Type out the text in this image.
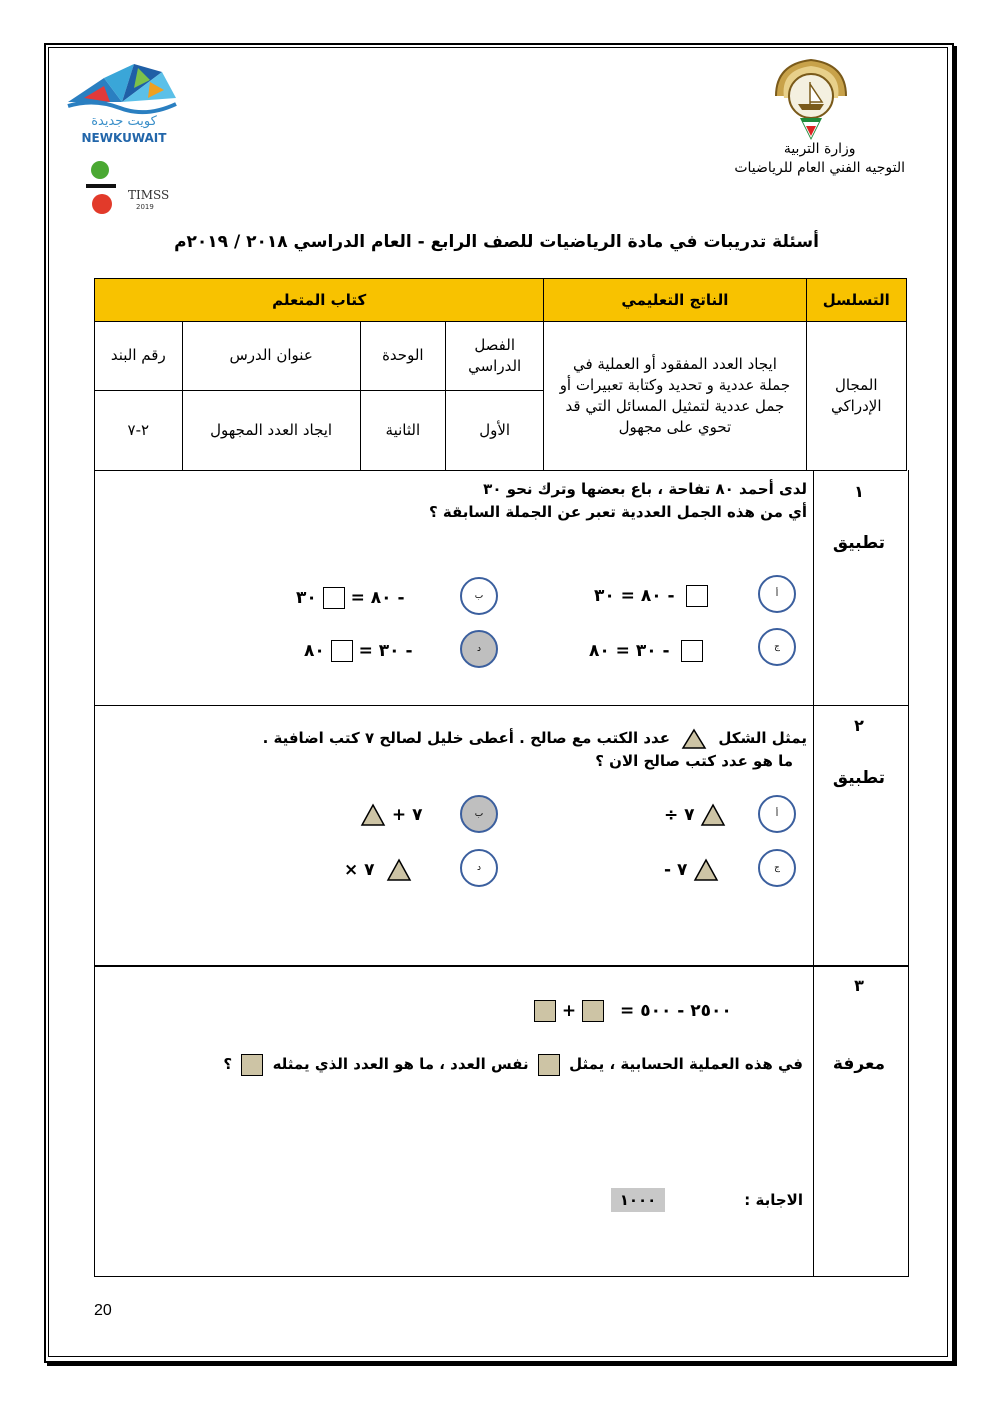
كويت جديدة
NEWKUWAIT
TIMSS
2019
وزارة التربية
التوجيه الفني العام للرياضيات
أسئلة تدريبات في مادة الرياضيات للصف الرابع - العام الدراسي ٢٠١٨ / ٢٠١٩م
التسلسل	الناتج التعليمي	كتاب المتعلم			
المجال الإدراكي	ايجاد العدد المفقود أو العملية في جملة عددية و تحديد وكتابة تعبيرات أو جمل عددية لتمثيل المسائل التي قد تحوي على مجهول	الفصل الدراسي	الوحدة	عنوان الدرس	رقم البند
		الأول	الثانية	ايجاد العدد المجهول	٢-٧
١
تطبيق
لدى أحمد ٨٠ تفاحة ، باع بعضها وترك نحو ٣٠
أي من هذه الجمل العددية تعبر عن الجملة السابقة ؟
أ
٨٠ = ٣٠ -
ب
٨٠ =  ٣٠ -
ج
٣٠ = ٨٠ -
د
٣٠ =  ٨٠ -
٢
تطبيق
يمثل الشكل  عدد الكتب مع صالح . أعطى خليل لصالح ٧ كتب اضافية .
ما هو عدد كتب صالح الان ؟
أ
÷ ٧
ب
+ ٧
ج
- ٧
د
× ٧
٣
معرفة
+	٢٥٠٠ - ٥٠٠ =
في هذه العملية الحسابية ، يمثل  نفس العدد ، ما هو العدد الذي يمثله  ؟
الاجابة :
١٠٠٠
20
